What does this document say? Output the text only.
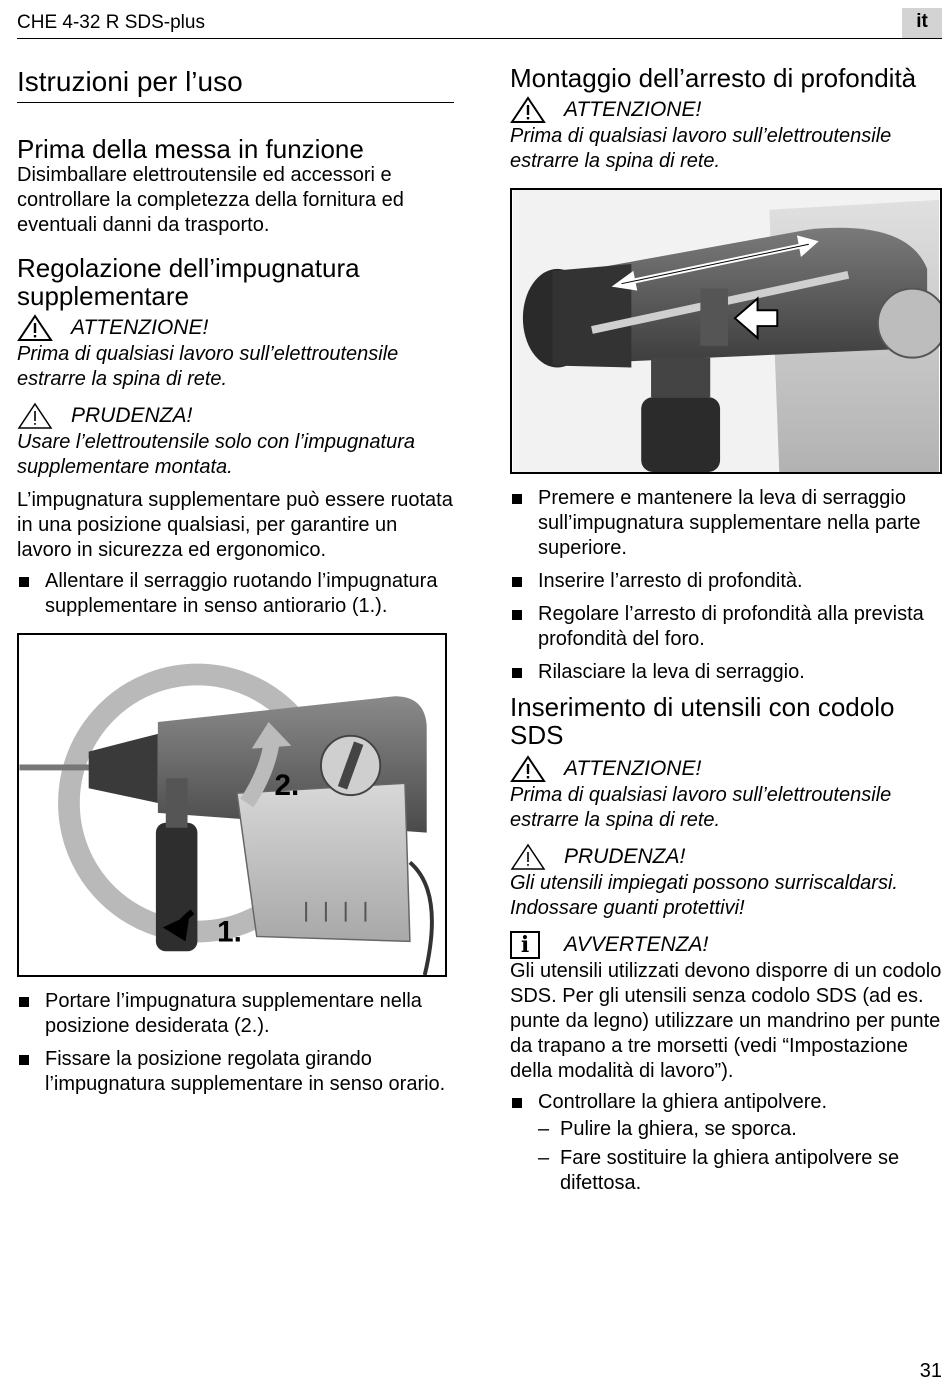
CHE 4-32 R SDS-plus	it
Istruzioni per l’uso
Prima della messa in funzione

Disimballare elettroutensile ed accessori e controllare la completezza della fornitura ed eventuali danni da trasporto.

Regolazione dell’impugnatura supplementare
ATTENZIONE!

Prima di qualsiasi lavoro sull’elettroutensile estrarre la spina di rete.

PRUDENZA!

Usare l’elettroutensile solo con l’impugnatura supplementare montata.

L’impugnatura supplementare può essere ruotata in una posizione qualsiasi, per garantire un lavoro in sicurezza ed ergonomico.

Allentare il serraggio ruotando l’impugnatura supplementare in senso antiorario (1.).
2.
1.
Portare l’impugnatura supplementare nella posizione desiderata (2.).
Fissare la posizione regolata girando l’impugnatura supplementare in senso orario.
Montaggio dell’arresto di profondità
ATTENZIONE!

Prima di qualsiasi lavoro sull’elettroutensile estrarre la spina di rete.

Premere e mantenere la leva di serraggio sull’impugnatura supplementare nella parte superiore.
Inserire l’arresto di profondità.
Regolare l’arresto di profondità alla prevista profondità del foro.
Rilasciare la leva di serraggio.
Inserimento di utensili con codolo SDS
ATTENZIONE!

Prima di qualsiasi lavoro sull’elettroutensile estrarre la spina di rete.

PRUDENZA!

Gli utensili impiegati possono surriscaldarsi. Indossare guanti protettivi!

i	AVVERTENZA!

Gli utensili utilizzati devono disporre di un codolo SDS. Per gli utensili senza codolo SDS (ad es. punte da legno) utilizzare un mandrino per punte da trapano a tre morsetti (vedi “Impostazione della modalità di lavoro”).

Controllare la ghiera antipolvere.
– Pulire la ghiera, se sporca.
– Fare sostituire la ghiera antipolvere se difettosa.
31
